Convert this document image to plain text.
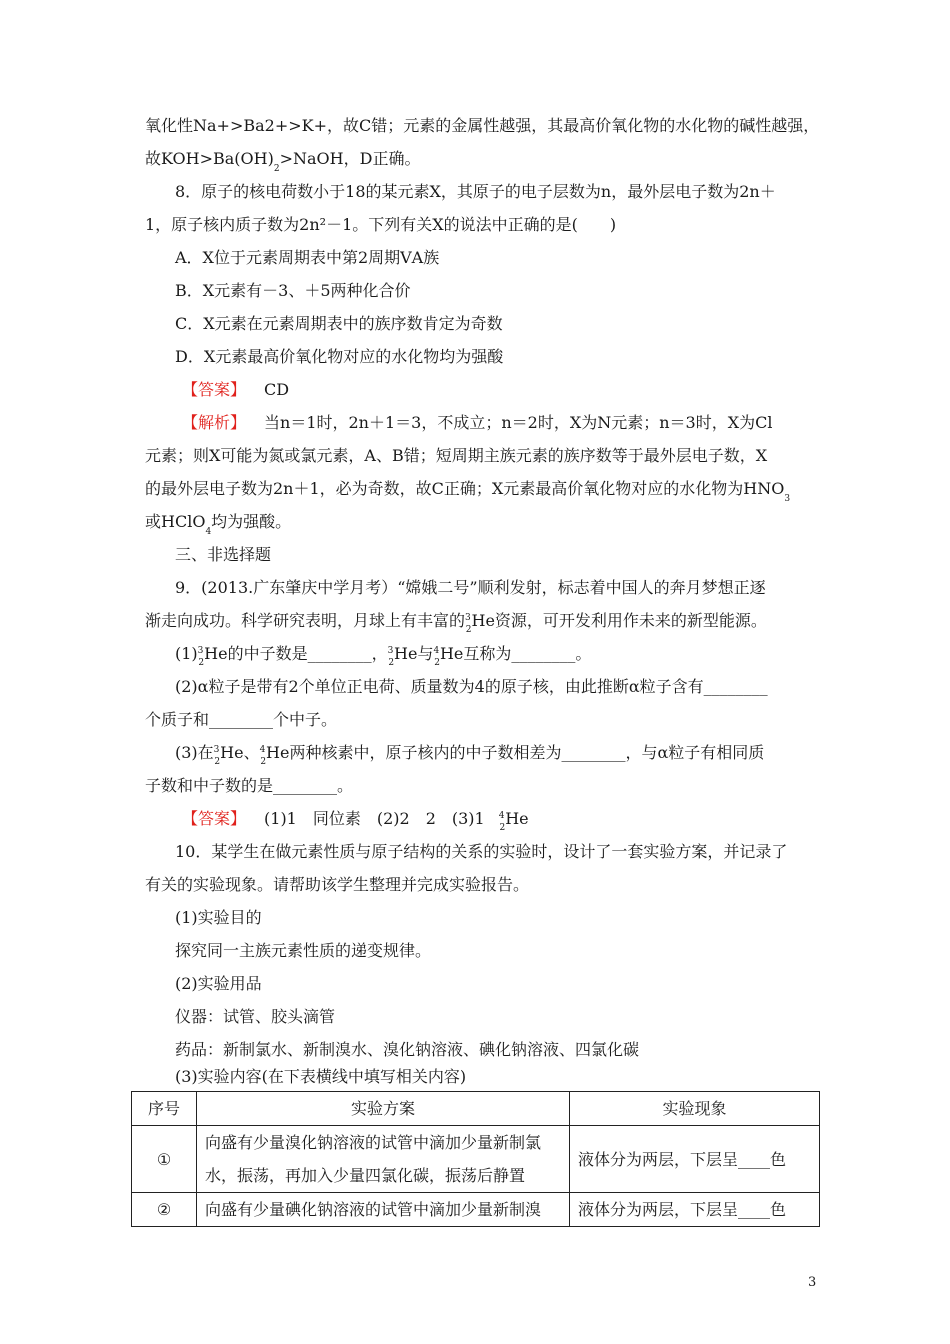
氧化性Na+>Ba2+>K+，故C错；元素的金属性越强，其最高价氧化物的水化物的碱性越强，
故$KOH>Ba(OH)_2>NaOH$，D正确。
8．原子的核电荷数小于18的某元素X，其原子的电子层数为n，最外层电子数为2n＋
1，原子核内质子数为2n²－1。下列有关X的说法中正确的是(　　)
A．X位于元素周期表中第2周期ⅤA族
B．X元素有－3、＋5两种化合价
C．X元素在元素周期表中的族序数肯定为奇数
D．X元素最高价氧化物对应的水化物均为强酸
【答案】 CD
【解析】 当n＝1时，2n＋1＝3，不成立；n＝2时，X为N元素；n＝3时，X为Cl
元素；则X可能为氮或氯元素，A、B错；短周期主族元素的族序数等于最外层电子数，X
的最外层电子数为2n＋1，必为奇数，故C正确；X元素最高价氧化物对应的水化物为$HNO_3$
或HClO$_4$均为强酸。
三、非选择题
9．(2013.广东肇庆中学月考）“嫦娥二号”顺利发射，标志着中国人的奔月梦想正逐
渐走向成功。科学研究表明，月球上有丰富的32He资源，可开发利用作未来的新型能源。
(1)32He的中子数是________，32He与42He互称为________。
(2)α粒子是带有2个单位正电荷、质量数为4的原子核，由此推断α粒子含有________
个质子和________个中子。
(3)在32He、42He两种核素中，原子核内的中子数相差为________，与α粒子有相同质
子数和中子数的是________。
【答案】 (1)1　同位素　(2)2　2　(3)1 42He
10．某学生在做元素性质与原子结构的关系的实验时，设计了一套实验方案，并记录了
有关的实验现象。请帮助该学生整理并完成实验报告。
(1)实验目的
探究同一主族元素性质的递变规律。
(2)实验用品
仪器：试管、胶头滴管
药品：新制氯水、新制溴水、溴化钠溶液、碘化钠溶液、四氯化碳
(3)实验内容(在下表横线中填写相关内容)
序号	实验方案	实验现象
①	向盛有少量溴化钠溶液的试管中滴加少量新制氯
水，振荡，再加入少量四氯化碳，振荡后静置	液体分为两层，下层呈____色
②	向盛有少量碘化钠溶液的试管中滴加少量新制溴	液体分为两层，下层呈____色
3
